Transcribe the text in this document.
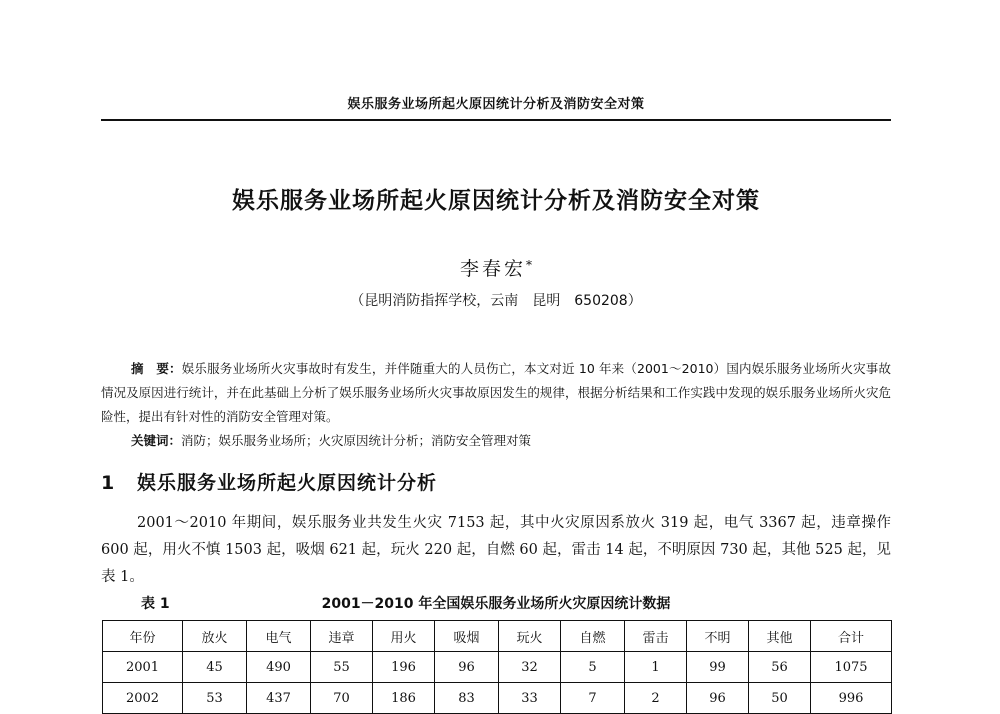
娱乐服务业场所起火原因统计分析及消防安全对策
娱乐服务业场所起火原因统计分析及消防安全对策
李春宏*
（昆明消防指挥学校，云南　昆明　650208）
摘　要：娱乐服务业场所火灾事故时有发生，并伴随重大的人员伤亡，本文对近 10 年来（2001～2010）国内娱乐服务业场所火灾事故情况及原因进行统计，并在此基础上分析了娱乐服务业场所火灾事故原因发生的规律，根据分析结果和工作实践中发现的娱乐服务业场所火灾危险性，提出有针对性的消防安全管理对策。
关键词：消防；娱乐服务业场所；火灾原因统计分析；消防安全管理对策
1 娱乐服务业场所起火原因统计分析
2001～2010 年期间，娱乐服务业共发生火灾 7153 起，其中火灾原因系放火 319 起，电气 3367 起，违章操作 600 起，用火不慎 1503 起，吸烟 621 起，玩火 220 起，自燃 60 起，雷击 14 起，不明原因 730 起，其他 525 起，见表 1。
表 1	2001－2010 年全国娱乐服务业场所火灾原因统计数据
年份	放火	电气	违章	用火	吸烟	玩火	自燃	雷击	不明	其他	合计
2001	45	490	55	196	96	32	5	1	99	56	1075
2002	53	437	70	186	83	33	7	2	96	50	996
